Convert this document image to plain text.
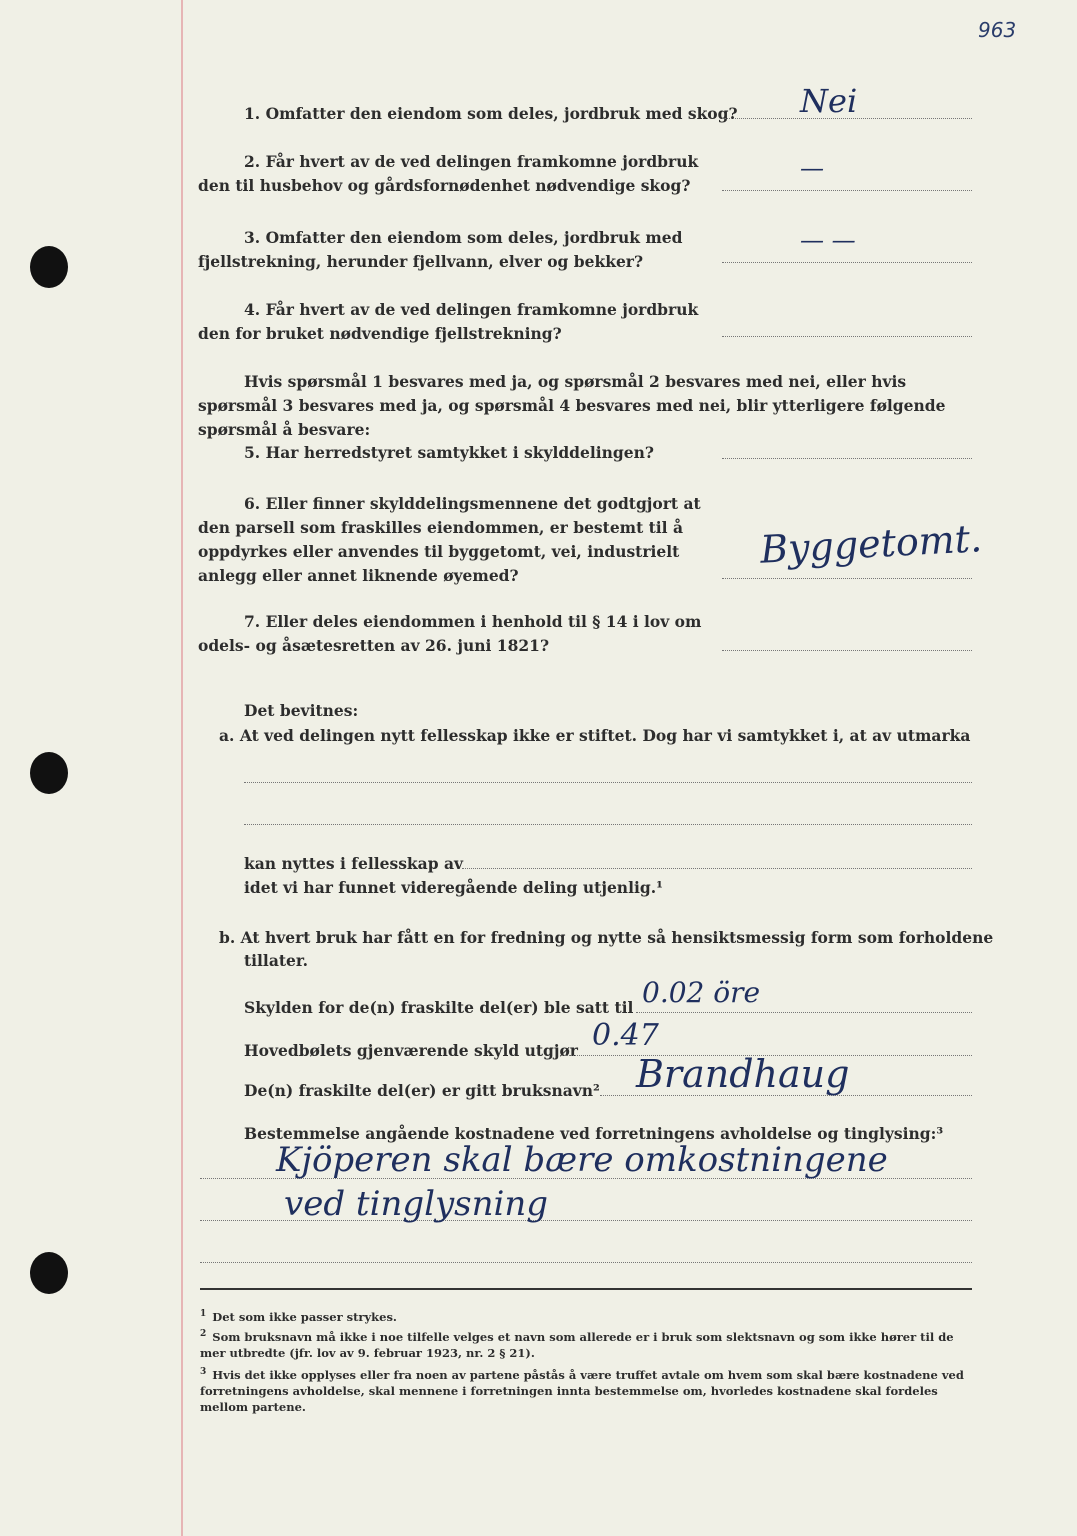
963
1. Omfatter den eiendom som deles, jordbruk med skog? Nei
2. Får hvert av de ved delingen framkomne jordbruk den til husbehov og gårdsfornødenhet nødvendige skog?
—
3. Omfatter den eiendom som deles, jordbruk med fjellstrekning, herunder fjellvann, elver og bekker?
— —
4. Får hvert av de ved delingen framkomne jordbruk den for bruket nødvendige fjellstrekning?
Hvis spørsmål 1 besvares med ja, og spørsmål 2 besvares med nei, eller hvis spørsmål 3 besvares med ja, og spørsmål 4 besvares med nei, blir ytterligere følgende spørsmål å besvare:
5. Har herredstyret samtykket i skylddelingen?
6. Eller finner skylddelingsmennene det godtgjort at den parsell som fraskilles eiendommen, er bestemt til å oppdyrkes eller anvendes til byggetomt, vei, industrielt anlegg eller annet liknende øyemed?
Byggetomt.
7. Eller deles eiendommen i henhold til § 14 i lov om odels- og åsætesretten av 26. juni 1821?
Det bevitnes:
a. At ved delingen nytt fellesskap ikke er stiftet. Dog har vi samtykket i, at av utmarka
kan nyttes i fellesskap av
idet vi har funnet videregående deling utjenlig.¹
b. At hvert bruk har fått en for fredning og nytte så hensiktsmessig form som forholdene
tillater.
Skylden for de(n) fraskilte del(er) ble satt til 0.02 öre
Hovedbølets gjenværende skyld utgjør 0.47
De(n) fraskilte del(er) er gitt bruksnavn² Brandhaug
Bestemmelse angående kostnadene ved forretningens avholdelse og tinglysing:³
Kjöperen skal bære omkostningene
ved tinglysning
$^1$ Det som ikke passer strykes.
$^2$ Som bruksnavn må ikke i noe tilfelle velges et navn som allerede er i bruk som slektsnavn og som ikke hører til de mer utbredte (jfr. lov av 9. februar 1923, nr. 2 § 21).
$^3$ Hvis det ikke opplyses eller fra noen av partene påstås å være truffet avtale om hvem som skal bære kostnadene ved forretningens avholdelse, skal mennene i forretningen innta bestemmelse om, hvorledes kostnadene skal fordeles mellom partene.
